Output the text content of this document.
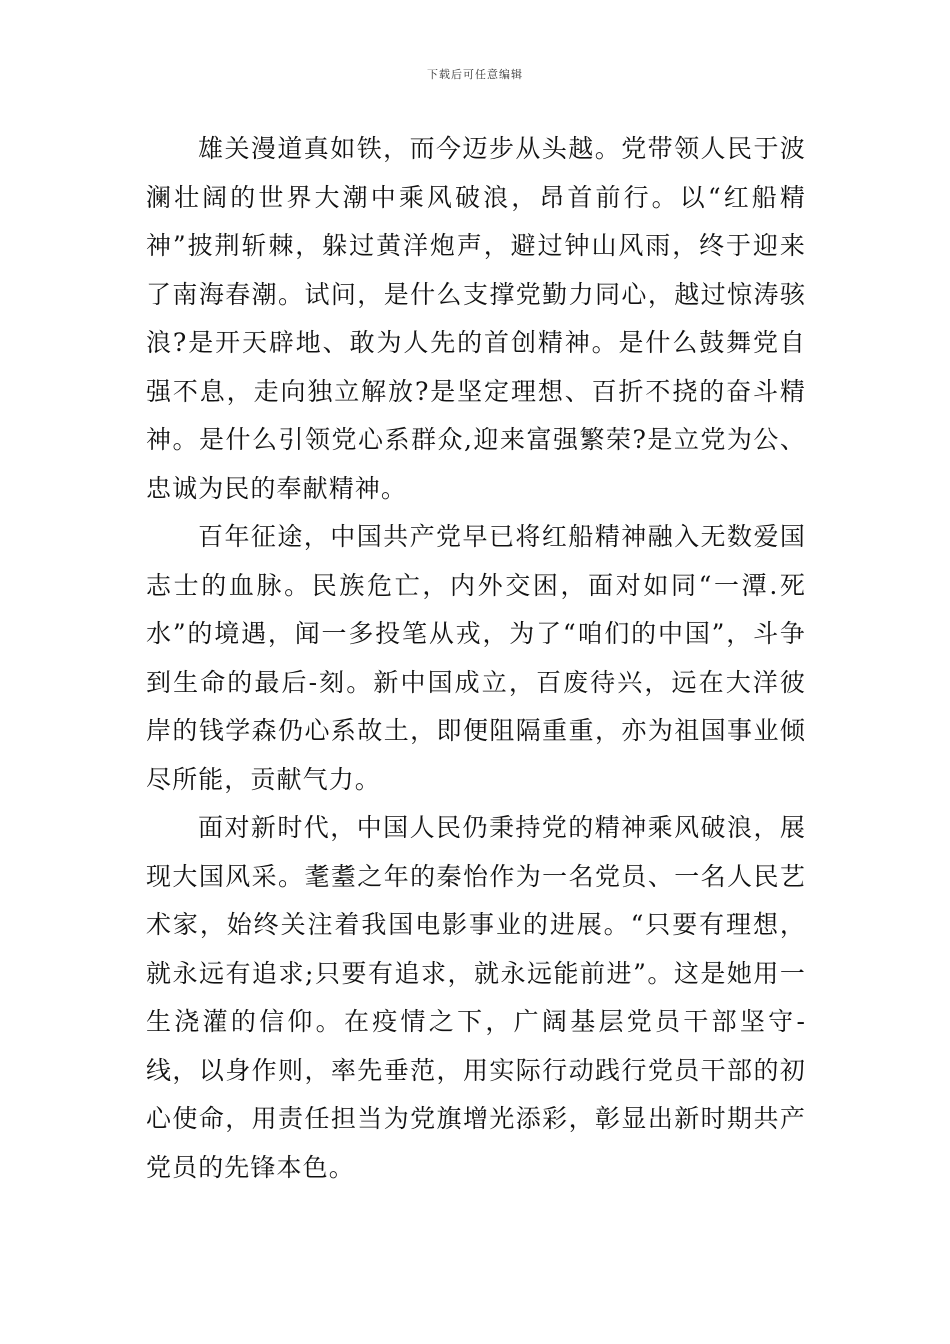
下载后可任意编辑

雄关漫道真如铁，而今迈步从头越。党带领人民于波澜壮阔的世界大潮中乘风破浪，昂首前行。以“红船精神”披荆斩棘，躲过黄洋炮声，避过钟山风雨，终于迎来了南海春潮。试问，是什么支撑党勤力同心，越过惊涛骇浪?是开天辟地、敢为人先的首创精神。是什么鼓舞党自强不息，走向独立解放?是坚定理想、百折不挠的奋斗精神。是什么引领党心系群众,迎来富强繁荣?是立党为公、忠诚为民的奉献精神。

百年征途，中国共产党早已将红船精神融入无数爱国志士的血脉。民族危亡，内外交困，面对如同“一潭.死水”的境遇，闻一多投笔从戎，为了“咱们的中国”，斗争到生命的最后-刻。新中国成立，百废待兴，远在大洋彼岸的钱学森仍心系故土，即便阻隔重重，亦为祖国事业倾尽所能，贡献气力。

面对新时代，中国人民仍秉持党的精神乘风破浪，展现大国风采。耄耋之年的秦怡作为一名党员、一名人民艺术家，始终关注着我国电影事业的进展。“只要有理想，就永远有追求;只要有追求，就永远能前进”。这是她用一生浇灌的信仰。在疫情之下，广阔基层党员干部坚守-线，以身作则，率先垂范，用实际行动践行党员干部的初心使命，用责任担当为党旗增光添彩，彰显出新时期共产党员的先锋本色。
